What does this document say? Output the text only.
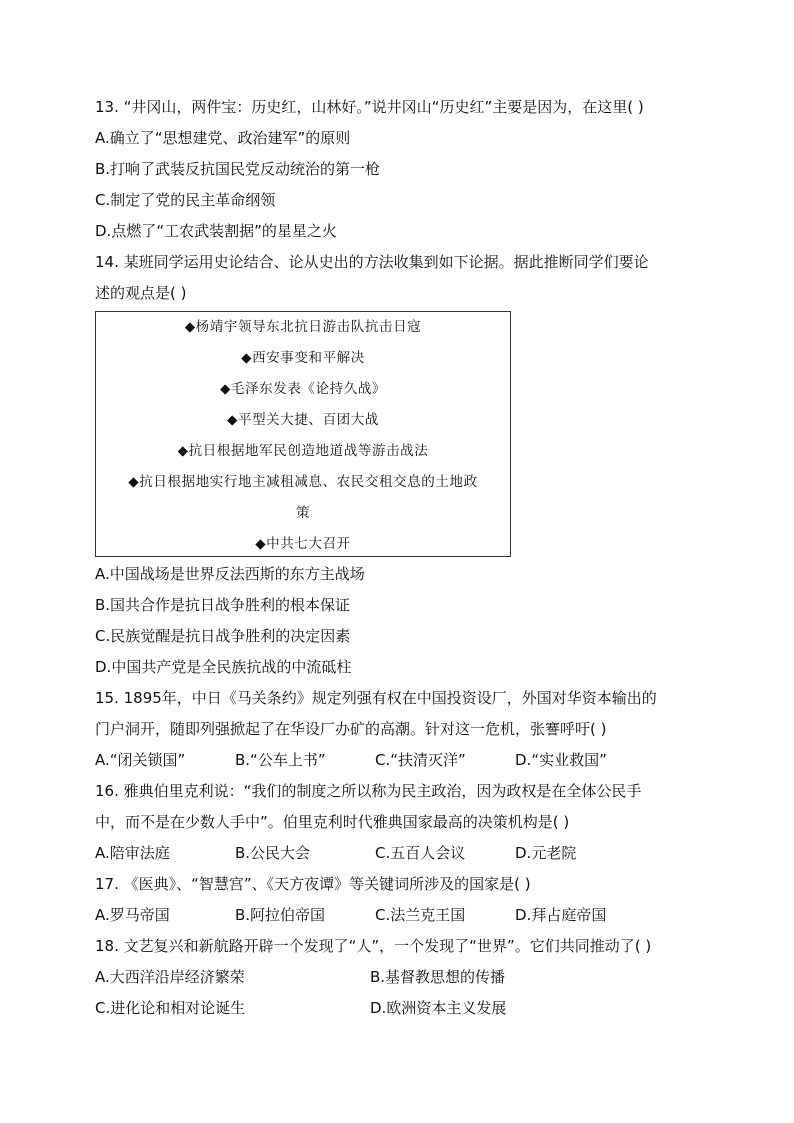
13. “井冈山，两件宝：历史红，山林好。”说井冈山“历史红”主要是因为，在这里( )
A.确立了“思想建党、政治建军”的原则
B.打响了武装反抗国民党反动统治的第一枪
C.制定了党的民主革命纲领
D.点燃了“工农武装割据”的星星之火
14. 某班同学运用史论结合、论从史出的方法收集到如下论据。据此推断同学们要论
述的观点是( )
◆杨靖宇领导东北抗日游击队抗击日寇
◆西安事变和平解决
◆毛泽东发表《论持久战》
◆平型关大捷、百团大战
◆抗日根据地军民创造地道战等游击战法
◆抗日根据地实行地主减租减息、农民交租交息的土地政
策
◆中共七大召开
A.中国战场是世界反法西斯的东方主战场
B.国共合作是抗日战争胜利的根本保证
C.民族觉醒是抗日战争胜利的决定因素
D.中国共产党是全民族抗战的中流砥柱
15. 1895年，中日《马关条约》规定列强有权在中国投资设厂，外国对华资本输出的
门户洞开，随即列强掀起了在华设厂办矿的高潮。针对这一危机，张謇呼吁( )
A.“闭关锁国”	B.“公车上书”	C.“扶清灭洋”	D.“实业救国”
16. 雅典伯里克利说：“我们的制度之所以称为民主政治，因为政权是在全体公民手
中，而不是在少数人手中”。伯里克利时代雅典国家最高的决策机构是( )
A.陪审法庭	B.公民大会	C.五百人会议	D.元老院
17. 《医典》、“智慧宫”、《天方夜谭》等关键词所涉及的国家是( )
A.罗马帝国	B.阿拉伯帝国	C.法兰克王国	D.拜占庭帝国
18. 文艺复兴和新航路开辟一个发现了“人”，一个发现了“世界”。它们共同推动了( )
A.大西洋沿岸经济繁荣	B.基督教思想的传播
C.进化论和相对论诞生	D.欧洲资本主义发展
